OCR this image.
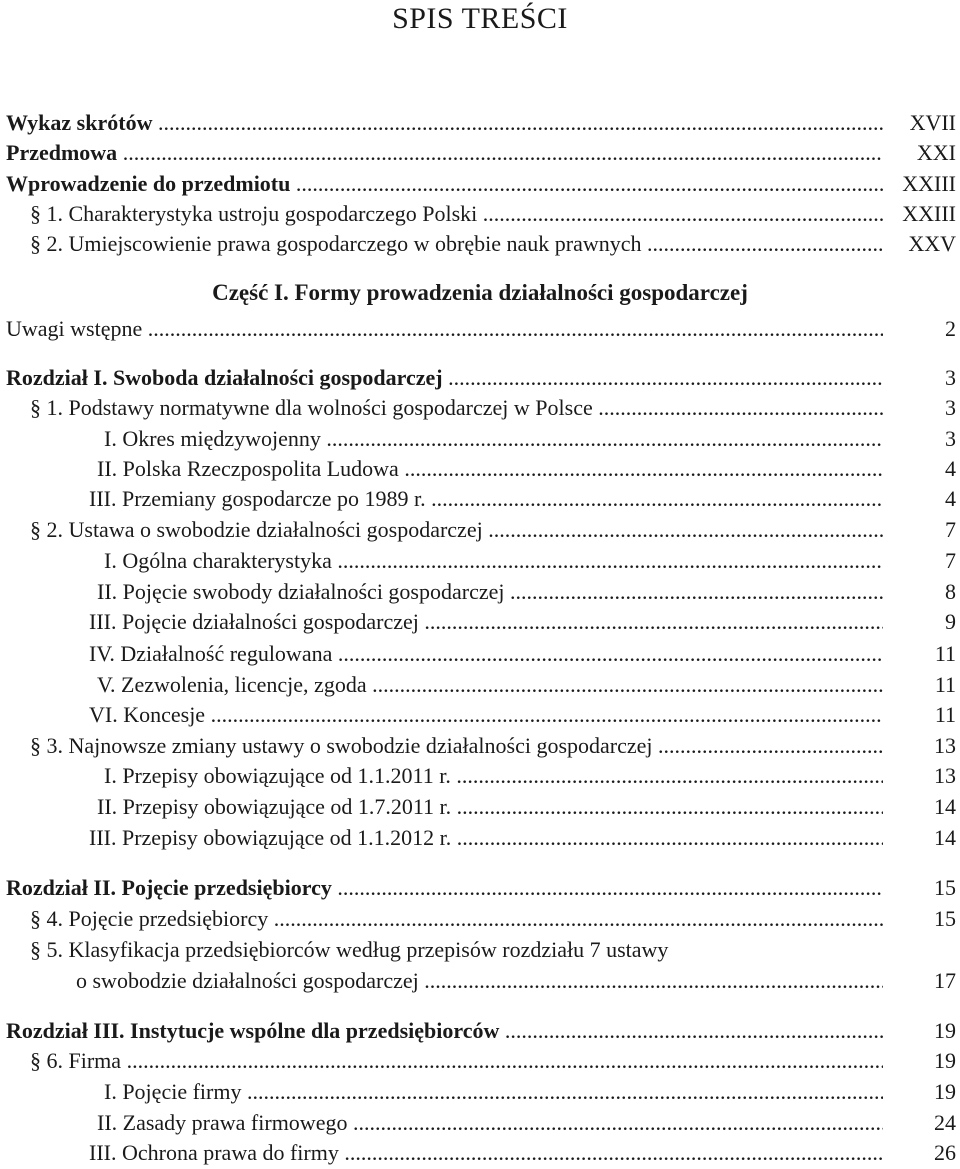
SPIS TREŚCI
Wykaz skrótów .....	XVII
Przedmowa .....	XXI
Wprowadzenie do przedmiotu .....	XXIII
§ 1. Charakterystyka ustroju gospodarczego Polski .....	XXIII
§ 2. Umiejscowienie prawa gospodarczego w obrębie nauk prawnych .....	XXV
Część I. Formy prowadzenia działalności gospodarczej
Uwagi wstępne .....	2
Rozdział I. Swoboda działalności gospodarczej .....	3
§ 1. Podstawy normatywne dla wolności gospodarczej w Polsce .....	3
I. Okres międzywojenny .....	3
II. Polska Rzeczpospolita Ludowa .....	4
III. Przemiany gospodarcze po 1989 r. .....	4
§ 2. Ustawa o swobodzie działalności gospodarczej .....	7
I. Ogólna charakterystyka .....	7
II. Pojęcie swobody działalności gospodarczej .....	8
III. Pojęcie działalności gospodarczej .....	9
IV. Działalność regulowana .....	11
V. Zezwolenia, licencje, zgoda .....	11
VI. Koncesje .....	11
§ 3. Najnowsze zmiany ustawy o swobodzie działalności gospodarczej .....	13
I. Przepisy obowiązujące od 1.1.2011 r. .....	13
II. Przepisy obowiązujące od 1.7.2011 r. .....	14
III. Przepisy obowiązujące od 1.1.2012 r. .....	14
Rozdział II. Pojęcie przedsiębiorcy .....	15
§ 4. Pojęcie przedsiębiorcy .....	15
§ 5. Klasyfikacja przedsiębiorców według przepisów rozdziału 7 ustawy
o swobodzie działalności gospodarczej .....	17
Rozdział III. Instytucje wspólne dla przedsiębiorców .....	19
§ 6. Firma .....	19
I. Pojęcie firmy .....	19
II. Zasady prawa firmowego .....	24
III. Ochrona prawa do firmy .....	26
